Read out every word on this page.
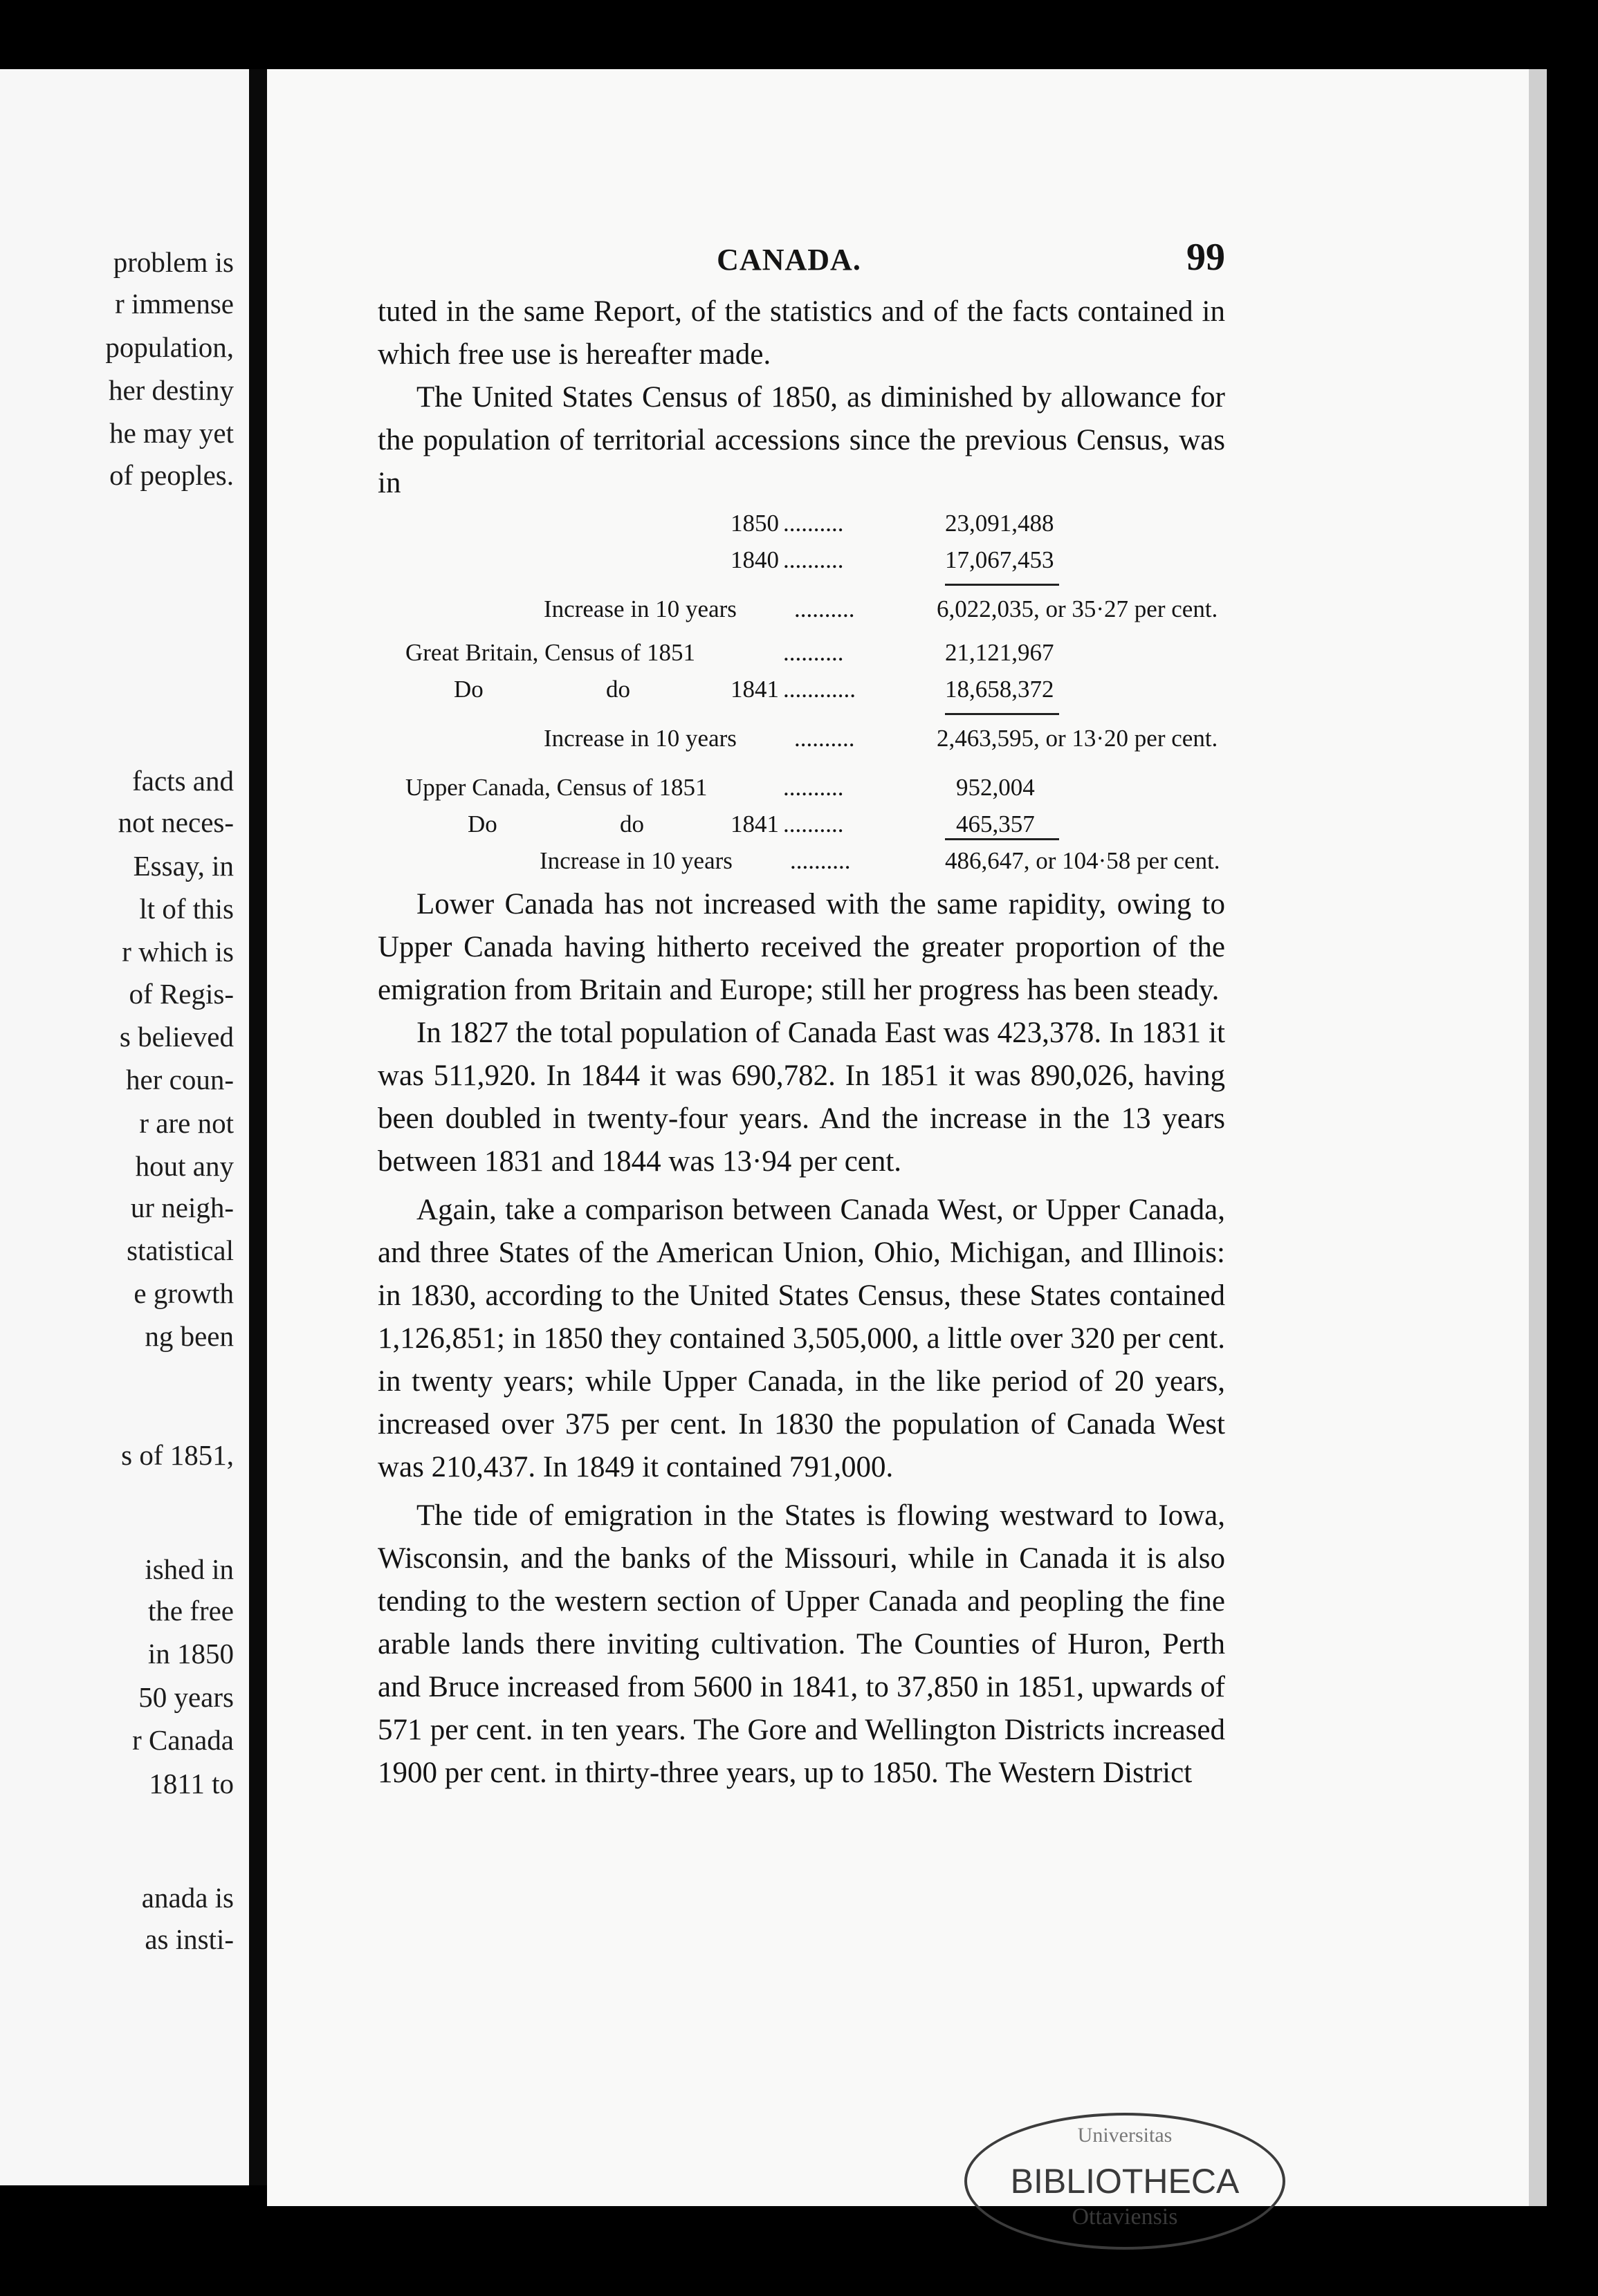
problem is
r immense
population,
her destiny
he may yet
of peoples.
facts and
not neces-
Essay, in
lt of this
r which is
of Regis-
s believed
her coun-
r are not
hout any
ur neigh-
statistical
e growth
ng been
s of 1851,
ished in
the free
in 1850
50 years
r Canada
1811 to
anada is
as insti-
CANADA.	99

tuted in the same Report, of the statistics and of the facts contained in which free use is hereafter made.

The United States Census of 1850, as diminished by allowance for the population of territorial accessions since the previous Census, was in

1850 ..........	23,091,488
1840 ..........	17,067,453
Increase in 10 years ..........	6,022,035, or 35·27 per cent.
Great Britain, Census of 1851	..........	21,121,967
Do	do	1841 ............	18,658,372
Increase in 10 years ..........	2,463,595, or 13·20 per cent.
Upper Canada, Census of 1851	..........	952,004
Do	do	1841 ..........	465,357
Increase in 10 years ..........	486,647, or 104·58 per cent.

Lower Canada has not increased with the same rapidity, owing to Upper Canada having hitherto received the greater proportion of the emigration from Britain and Europe; still her progress has been steady.

In 1827 the total population of Canada East was 423,378. In 1831 it was 511,920. In 1844 it was 690,782. In 1851 it was 890,026, having been doubled in twenty-four years. And the increase in the 13 years between 1831 and 1844 was 13·94 per cent.

Again, take a comparison between Canada West, or Upper Canada, and three States of the American Union, Ohio, Michigan, and Illinois: in 1830, according to the United States Census, these States contained 1,126,851; in 1850 they contained 3,505,000, a little over 320 per cent. in twenty years; while Upper Canada, in the like period of 20 years, increased over 375 per cent. In 1830 the population of Canada West was 210,437. In 1849 it contained 791,000.

The tide of emigration in the States is flowing westward to Iowa, Wisconsin, and the banks of the Missouri, while in Canada it is also tending to the western section of Upper Canada and peopling the fine arable lands there inviting cultivation. The Counties of Huron, Perth and Bruce increased from 5600 in 1841, to 37,850 in 1851, upwards of 571 per cent. in ten years. The Gore and Wellington Districts increased 1900 per cent. in thirty-three years, up to 1850. The Western District

Universitas
BIBLIOTHECA
Ottaviensis
